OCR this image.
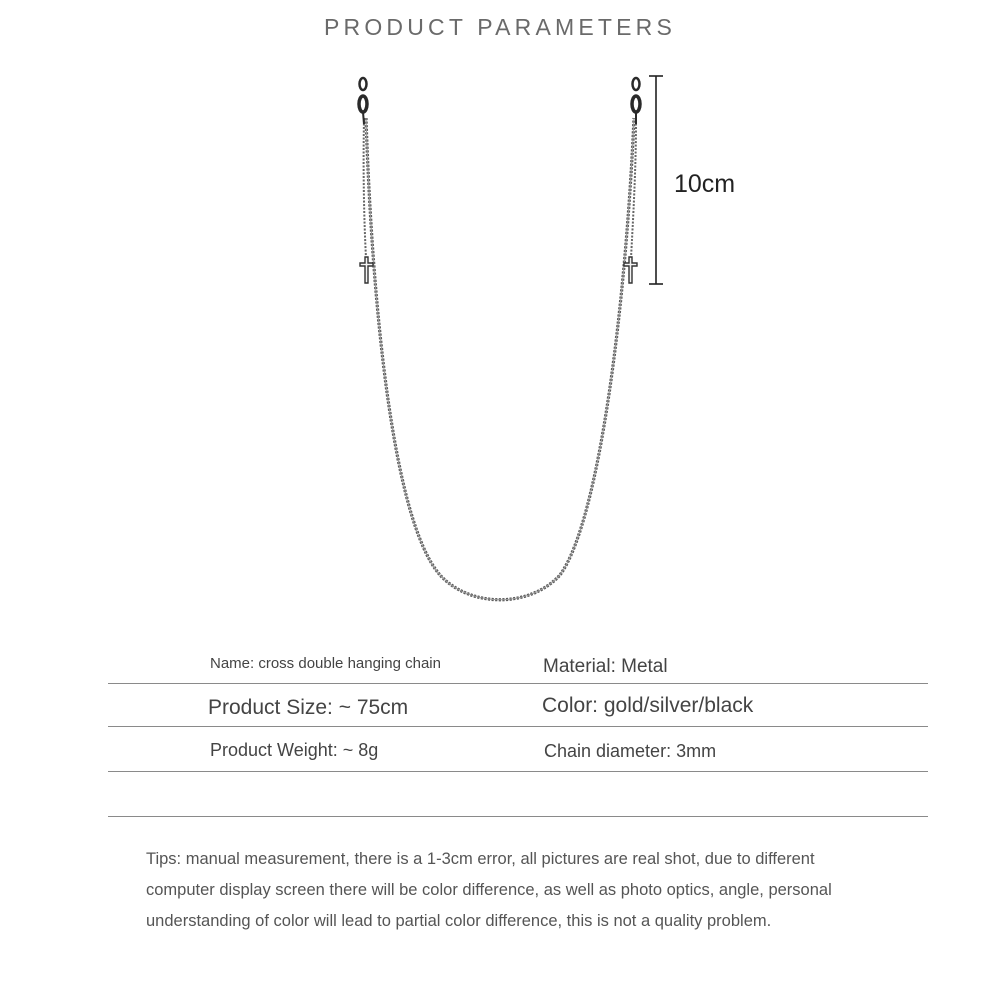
PRODUCT PARAMETERS
10cm
Name: cross double hanging chain	Material: Metal
Product Size: ~ 75cm	Color: gold/silver/black
Product Weight: ~ 8g	Chain diameter: 3mm

Tips: manual measurement, there is a 1-3cm error, all pictures are real shot, due to different

computer display screen there will be color difference, as well as photo optics, angle, personal

understanding of color will lead to partial color difference, this is not a quality problem.
